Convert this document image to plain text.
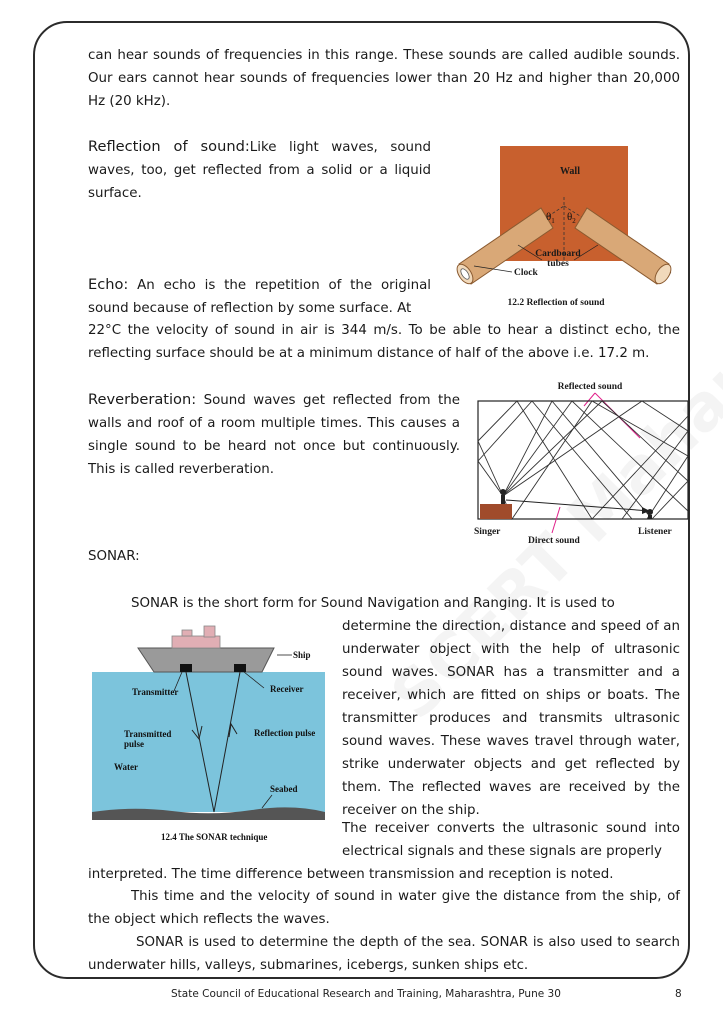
can hear sounds of frequencies in this range. These sounds are called audible sounds. Our ears cannot hear sounds of frequencies lower than 20 Hz and higher than 20,000 Hz (20 kHz).
Reflection of sound:Like light waves, sound waves, too, get reflected from a solid or a liquid surface.
Wall
$\theta_1$ $\theta_2$
Cardboard
tubes
Clock
12.2 Reflection of sound
Echo: An echo is the repetition of the original sound because of reflection by some surface. At
22°C the velocity of sound in air is 344 m/s. To be able to hear a distinct echo, the reflecting surface should be at a minimum distance of half of the above i.e. 17.2 m.
Reverberation: Sound waves get reflected from the walls and roof of a room multiple times. This causes a single sound to be heard not once but continuously. This is called reverberation.
Reflected sound
Singer
Direct sound
Listener
SONAR:
SONAR is the short form for Sound Navigation and Ranging. It is used to
determine the direction, distance and speed of an underwater object with the help of ultrasonic sound waves. SONAR has a transmitter and a receiver, which are fitted on ships or boats. The transmitter produces and transmits ultrasonic sound waves. These waves travel through water, strike underwater objects and get reflected by them. The reflected waves are received by the receiver on the ship.
The receiver converts the ultrasonic sound into electrical signals and these signals are properly
interpreted. The time difference between transmission and reception is noted.
This time and the velocity of sound in water give the distance from the ship, of the object which reflects the waves.
SONAR is used to determine the depth of the sea. SONAR is also used to search underwater hills, valleys, submarines, icebergs, sunken ships etc.
Ship
Transmitter	Receiver
Transmitted
pulse
Reflection pulse
Water
Seabed
12.4 The SONAR technique
State Council of Educational Research and Training, Maharashtra, Pune 30	8
